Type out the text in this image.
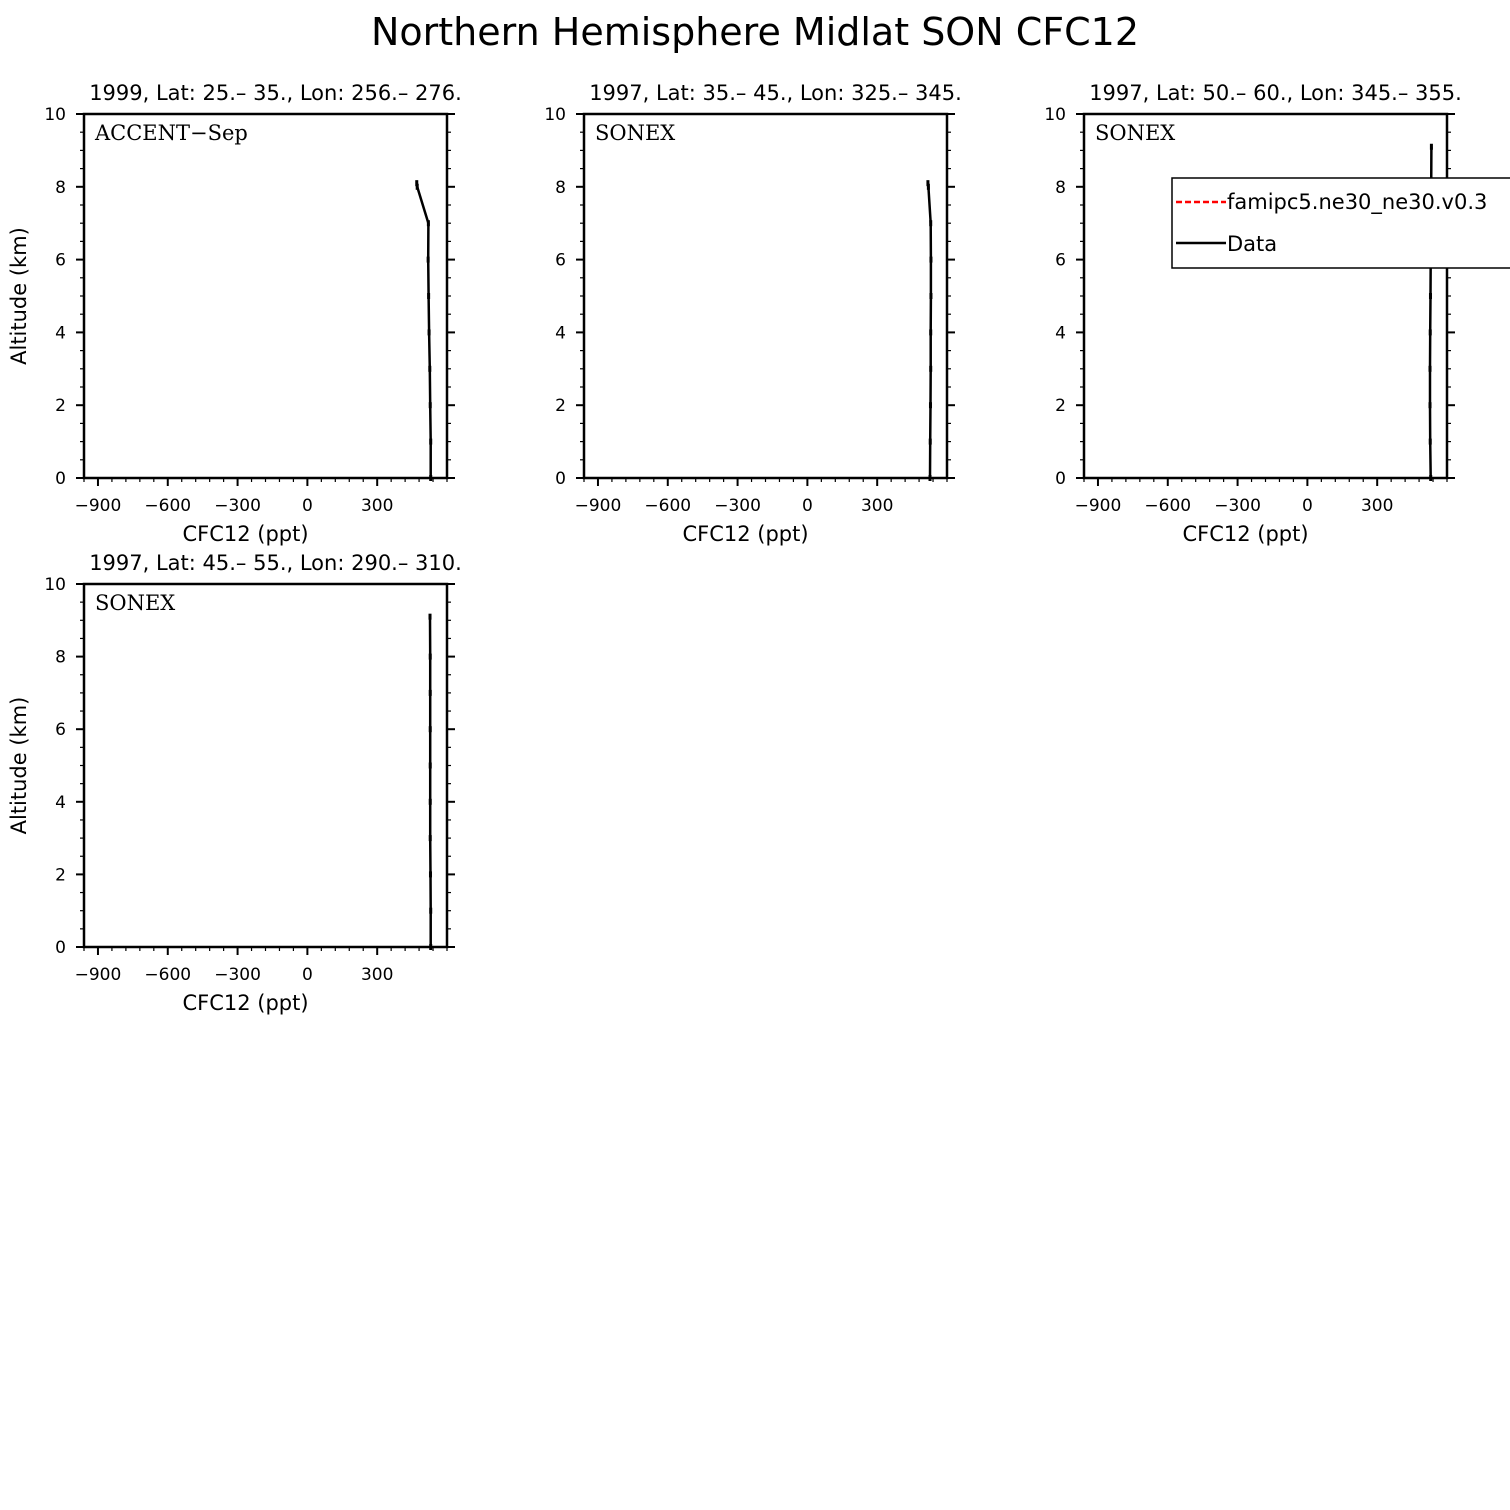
Northern Hemisphere Midlat SON CFC12
1999, Lat: 25.– 35., Lon: 256.– 276.
−900 −600 −300 0	300
0
2
4
6
8
10
CFC12 (ppt)
Altitude (km)
ACCENT−Sep
1997, Lat: 35.– 45., Lon: 325.– 345.
−900 −600 −300 0	300
0
2
4
6
8
10
CFC12 (ppt)
SONEX
1997, Lat: 50.– 60., Lon: 345.– 355.
−900 −600 −300 0	300
0
2
4
6
8
10
CFC12 (ppt)
SONEX
1997, Lat: 45.– 55., Lon: 290.– 310.
−900 −600 −300 0	300
0
2
4
6
8
10
CFC12 (ppt)
Altitude (km)
SONEX
famipc5.ne30_ne30.v0.3
Data
